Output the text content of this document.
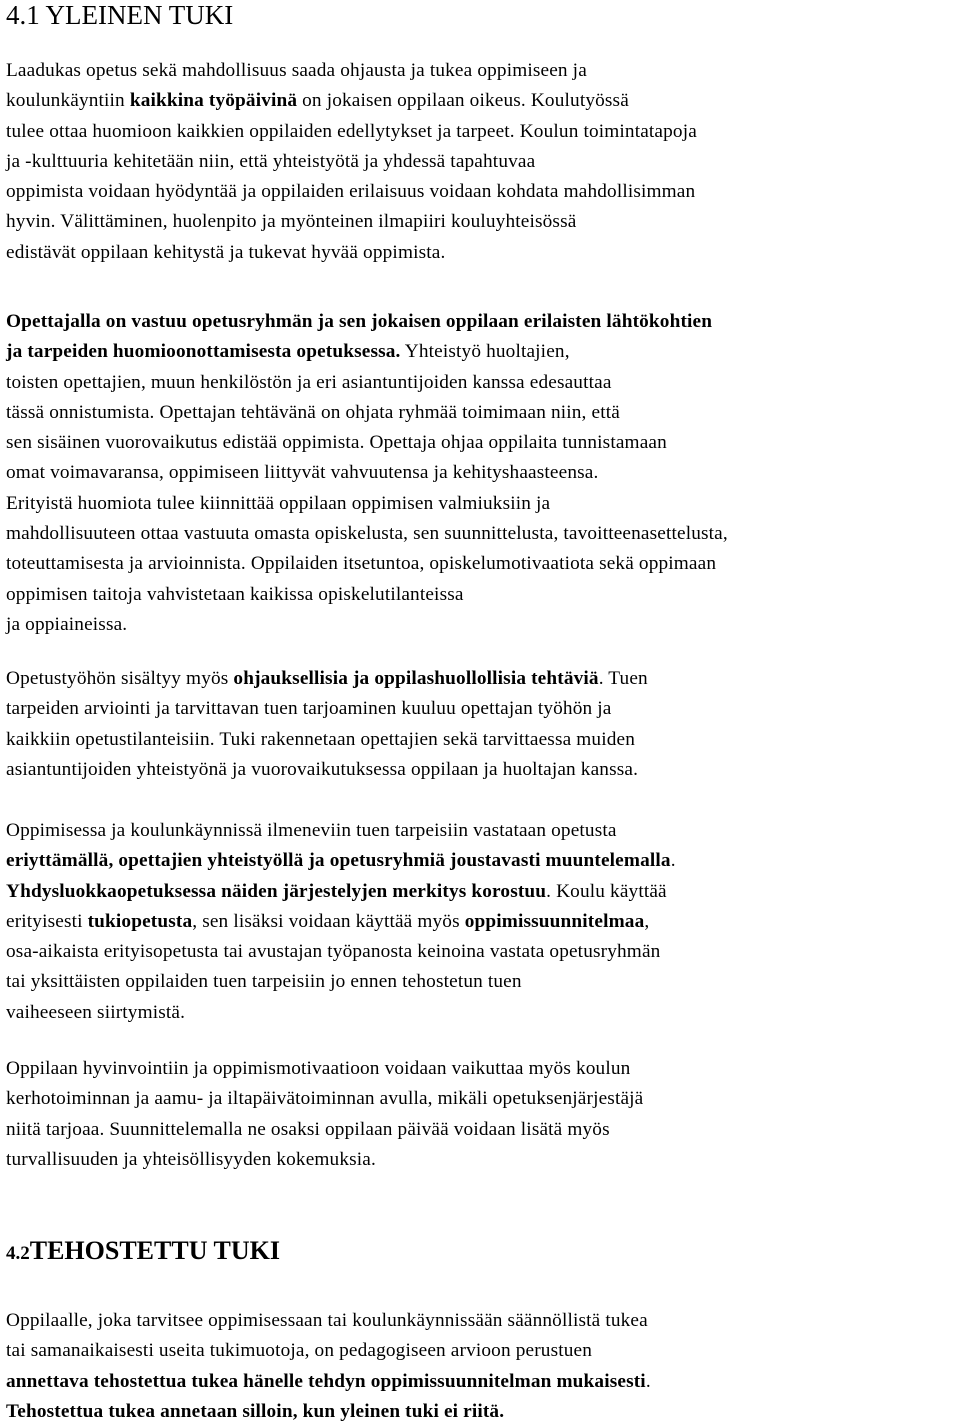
4.1 YLEINEN TUKI
Laadukas opetus sekä mahdollisuus saada ohjausta ja tukea oppimiseen ja
koulunkäyntiin kaikkina työpäivinä on jokaisen oppilaan oikeus. Koulutyössä
tulee ottaa huomioon kaikkien oppilaiden edellytykset ja tarpeet. Koulun toimintatapoja
ja -kulttuuria kehitetään niin, että yhteistyötä ja yhdessä tapahtuvaa
oppimista voidaan hyödyntää ja oppilaiden erilaisuus voidaan kohdata mahdollisimman
hyvin. Välittäminen, huolenpito ja myönteinen ilmapiiri kouluyhteisössä
edistävät oppilaan kehitystä ja tukevat hyvää oppimista.
Opettajalla on vastuu opetusryhmän ja sen jokaisen oppilaan erilaisten lähtökohtien
ja tarpeiden huomioonottamisesta opetuksessa. Yhteistyö huoltajien,
toisten opettajien, muun henkilöstön ja eri asiantuntijoiden kanssa edesauttaa
tässä onnistumista. Opettajan tehtävänä on ohjata ryhmää toimimaan niin, että
sen sisäinen vuorovaikutus edistää oppimista. Opettaja ohjaa oppilaita tunnistamaan
omat voimavaransa, oppimiseen liittyvät vahvuutensa ja kehityshaasteensa.
Erityistä huomiota tulee kiinnittää oppilaan oppimisen valmiuksiin ja
mahdollisuuteen ottaa vastuuta omasta opiskelusta, sen suunnittelusta, tavoitteenasettelusta,
toteuttamisesta ja arvioinnista. Oppilaiden itsetuntoa, opiskelumotivaatiota sekä oppimaan
oppimisen taitoja vahvistetaan kaikissa opiskelutilanteissa
ja oppiaineissa.
Opetustyöhön sisältyy myös ohjauksellisia ja oppilashuollollisia tehtäviä. Tuen
tarpeiden arviointi ja tarvittavan tuen tarjoaminen kuuluu opettajan työhön ja
kaikkiin opetustilanteisiin. Tuki rakennetaan opettajien sekä tarvittaessa muiden
asiantuntijoiden yhteistyönä ja vuorovaikutuksessa oppilaan ja huoltajan kanssa.
Oppimisessa ja koulunkäynnissä ilmeneviin tuen tarpeisiin vastataan opetusta
eriyttämällä, opettajien yhteistyöllä ja opetusryhmiä joustavasti muuntelemalla.
Yhdysluokkaopetuksessa näiden järjestelyjen merkitys korostuu. Koulu käyttää
erityisesti tukiopetusta, sen lisäksi voidaan käyttää myös oppimissuunnitelmaa,
osa-aikaista erityisopetusta tai avustajan työpanosta keinoina vastata opetusryhmän
tai yksittäisten oppilaiden tuen tarpeisiin jo ennen tehostetun tuen
vaiheeseen siirtymistä.
Oppilaan hyvinvointiin ja oppimismotivaatioon voidaan vaikuttaa myös koulun
kerhotoiminnan ja aamu- ja iltapäivätoiminnan avulla, mikäli opetuksenjärjestäjä
niitä tarjoaa. Suunnittelemalla ne osaksi oppilaan päivää voidaan lisätä myös
turvallisuuden ja yhteisöllisyyden kokemuksia.
4.2TEHOSTETTU TUKI
Oppilaalle, joka tarvitsee oppimisessaan tai koulunkäynnissään säännöllistä tukea
tai samanaikaisesti useita tukimuotoja, on pedagogiseen arvioon perustuen
annettava tehostettua tukea hänelle tehdyn oppimissuunnitelman mukaisesti.
Tehostettua tukea annetaan silloin, kun yleinen tuki ei riitä.
